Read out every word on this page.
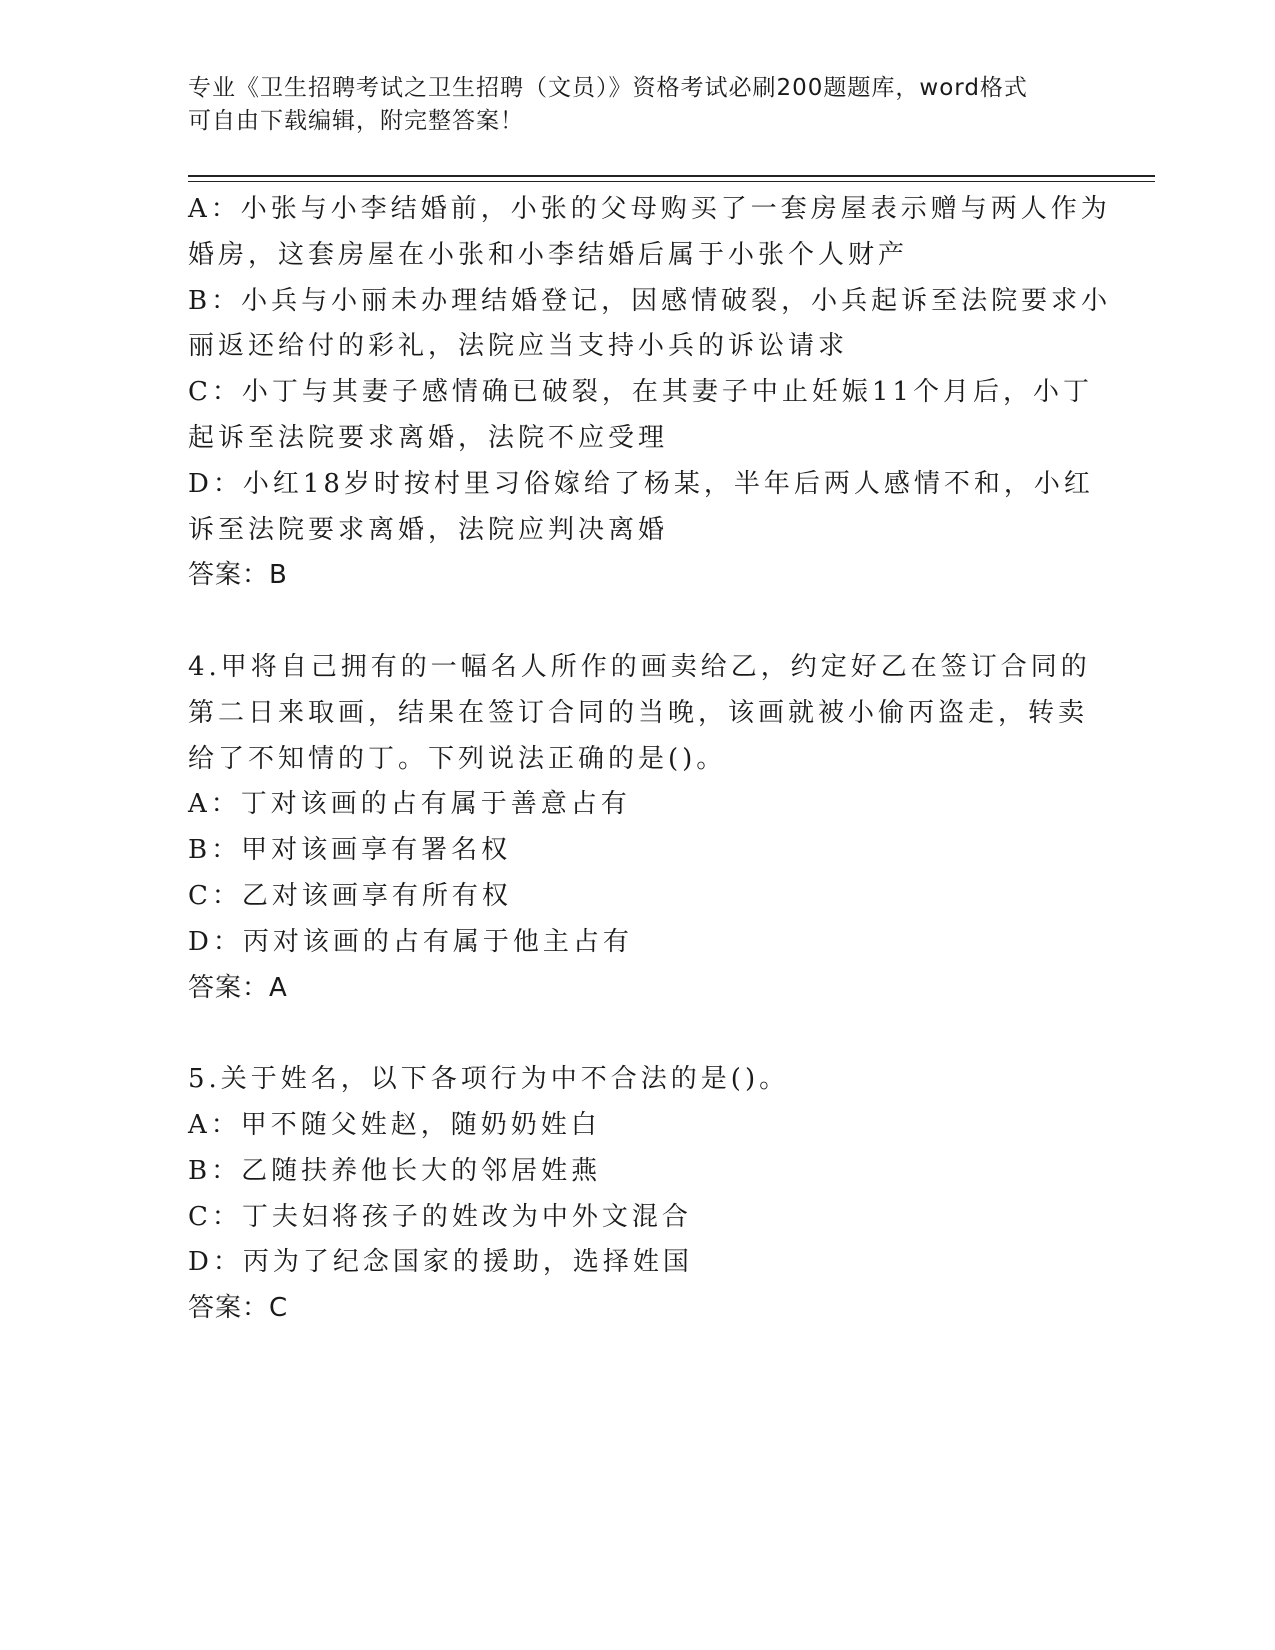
专业《卫生招聘考试之卫生招聘（文员）》资格考试必刷200题题库，word格式
可自由下载编辑，附完整答案！
A：小张与小李结婚前，小张的父母购买了一套房屋表示赠与两人作为
婚房，这套房屋在小张和小李结婚后属于小张个人财产
B：小兵与小丽未办理结婚登记，因感情破裂，小兵起诉至法院要求小
丽返还给付的彩礼，法院应当支持小兵的诉讼请求
C：小丁与其妻子感情确已破裂，在其妻子中止妊娠11个月后，小丁
起诉至法院要求离婚，法院不应受理
D：小红18岁时按村里习俗嫁给了杨某，半年后两人感情不和，小红
诉至法院要求离婚，法院应判决离婚
答案：B
4.甲将自己拥有的一幅名人所作的画卖给乙，约定好乙在签订合同的
第二日来取画，结果在签订合同的当晚，该画就被小偷丙盗走，转卖
给了不知情的丁。下列说法正确的是()。
A：丁对该画的占有属于善意占有
B：甲对该画享有署名权
C：乙对该画享有所有权
D：丙对该画的占有属于他主占有
答案：A
5.关于姓名，以下各项行为中不合法的是()。
A：甲不随父姓赵，随奶奶姓白
B：乙随扶养他长大的邻居姓燕
C：丁夫妇将孩子的姓改为中外文混合
D：丙为了纪念国家的援助，选择姓国
答案：C
